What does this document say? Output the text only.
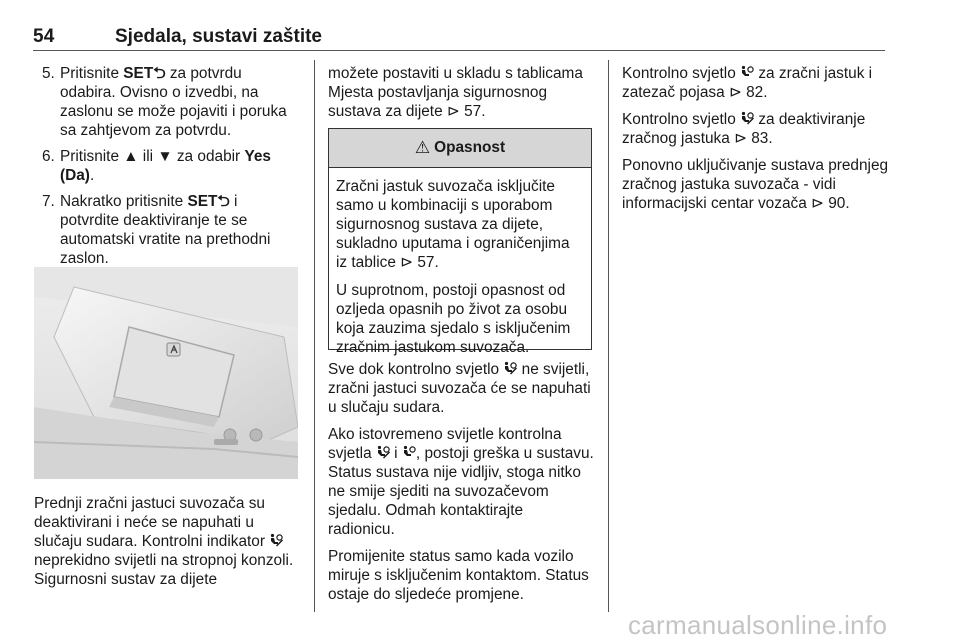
54	Sjedala, sustavi zaštite
5. Pritisnite SET⮌ za potvrdu odabira. Ovisno o izvedbi, na zaslonu se može pojaviti i poruka sa zahtjevom za potvrdu.
6. Pritisnite ▲ ili ▼ za odabir Yes (Da).
7. Nakratko pritisnite SET⮌ i potvrdite deaktiviranje te se automatski vratite na prethodni zaslon.

Prednji zračni jastuci suvozača su deaktivirani i neće se napuhati u slučaju sudara. Kontrolni indikator  neprekidno svijetli na stropnoj konzoli. Sigurnosni sustav za dijete

možete postaviti u skladu s tablicama Mjesta postavljanja sigurnosnog sustava za dijete ⊳ 57.

⚠ Opasnost

Zračni jastuk suvozača isključite samo u kombinaciji s uporabom sigurnosnog sustava za dijete, sukladno uputama i ograničenjima iz tablice ⊳ 57.

U suprotnom, postoji opasnost od ozljeda opasnih po život za osobu koja zauzima sjedalo s isključenim zračnim jastukom suvozača.

Sve dok kontrolno svjetlo  ne svijetli, zračni jastuci suvozača će se napuhati u slučaju sudara.

Ako istovremeno svijetle kontrolna svjetla  i , postoji greška u sustavu. Status sustava nije vidljiv, stoga nitko ne smije sjediti na suvozačevom sjedalu. Odmah kontaktirajte radionicu.

Promijenite status samo kada vozilo miruje s isključenim kontaktom. Status ostaje do sljedeće promjene.

Kontrolno svjetlo  za zračni jastuk i zatezač pojasa ⊳ 82.

Kontrolno svjetlo  za deaktiviranje zračnog jastuka ⊳ 83.

Ponovno uključivanje sustava prednjeg zračnog jastuka suvozača - vidi informacijski centar vozača ⊳ 90.

carmanualsonline.info
